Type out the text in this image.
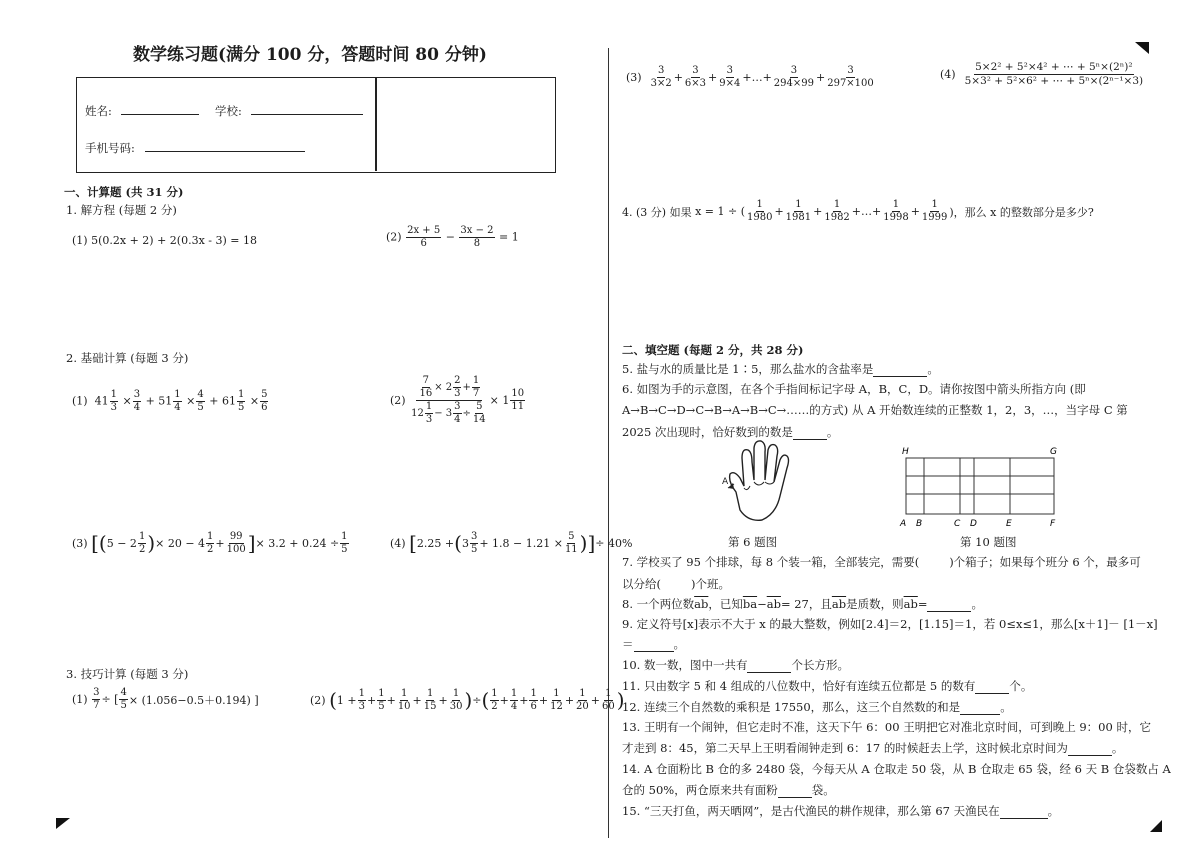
数学练习题(满分 100 分，答题时间 80 分钟)
姓名:	学校:
手机号码:
一、计算题 (共 31 分)
1. 解方程 (每题 2 分)
(1) 5(0.2x + 2) + 2(0.3x - 3) = 18	$(2) \frac{2x + 5}{6} - \frac{3x - 2}{8} = 1$
2. 基础计算 (每题 3 分)
(1) $41 \frac{1}{3} \times \frac{3}{4} + 51 \frac{1}{4} \times \frac{4}{5} + 61 \frac{1}{5} \times \frac{5}{6}$	(2)
$\frac{\frac{7}{16} \times 2 \frac{2}{3} + \frac{1}{7}}{12 \frac{1}{3} - 3 \frac{3}{4} \div \frac{5}{14}} \times 1 \frac{10}{11}$
(3)
[ ( $5 - 2 \frac{1}{2}$ ) × $20 - 4 \frac{1}{2} + \frac{99}{100}$ ] × $3.2 + 0.24 \div \frac{1}{5}$	(4)
[ 2.25 + ( $3 \frac{3}{5} + 1.8 - 1.21 \times \frac{5}{11}$ ) ] ÷ 40%
3. 技巧计算 (每题 3 分)
(1)
$\frac{3}{7}$ ÷ [ $\frac{4}{5} \times (1.056-0.5+0.194)$ ]	(2)
( $1 + \frac{1}{3} + \frac{1}{5} + \frac{1}{10} + \frac{1}{15} + \frac{1}{30}$ ) ÷ ( $\frac{1}{2} + \frac{1}{4} + \frac{1}{6} + \frac{1}{12} + \frac{1}{20} + \frac{1}{60}$ )
(3)
$\frac{3}{3\times 2} + \frac{3}{6\times 3} + \frac{3}{9\times 4}$ +…+ $\frac{3}{294\times 99} + \frac{3}{297\times 100}$	(4)
$\frac{\text{5×2² + 5²×4² + ⋯ + 5ⁿ×(2ⁿ)²}}{\text{5×3² + 5²×6² + ⋯ + 5ⁿ×(2ⁿ⁻¹×3)}}$
4. (3 分) 如果
x = 1 ÷ ( $\frac{1}{1980} + \frac{1}{1981} + \frac{1}{1982}$ +…+ $\frac{1}{1998} + \frac{1}{1999}$ )，那么 x 的整数部分是多少?
二、填空题 (每题 2 分，共 28 分)
5. 盐与水的质量比是 1∶5，那么盐水的含盐率是	。
6. 如图为手的示意图，在各个手指间标记字母 A，B，C，D。请你按图中箭头所指方向 (即
A→B→C→D→C→B→A→B→C→……的方式) 从 A 开始数连续的正整数 1，2，3，…，当字母 C 第
2025 次出现时，恰好数到的数是	。
A
第 6 题图
H	G
A B	C D	E	F
第 10 题图
7. 学校买了 95 个排球，每 8 个装一箱，全部装完，需要(	)个箱子；如果每个班分 6 个，最多可
以分给(	)个班。
8. 一个两位数$\overline{ab}$，已知$\overline{ba}-\overline{ab}= 27$，且$\overline{ab}$是质数，则$\overline{ab}=$	。
9. 定义符号[x]表示不大于 x 的最大整数，例如[2.4]＝2，[1.15]＝1，若 0≤x≤1，那么[x＋1]－ [1－x]
＝	。
10. 数一数，图中一共有	个长方形。
11. 只由数字 5 和 4 组成的八位数中，恰好有连续五位都是 5 的数有	个。
12. 连续三个自然数的乘积是 17550，那么，这三个自然数的和是	。
13. 王明有一个闹钟，但它走时不准，这天下午 6：00 王明把它对准北京时间，可到晚上 9：00 时，它
才走到 8：45，第二天早上王明看闹钟走到 6：17 的时候赶去上学，这时候北京时间为	。
14. A 仓面粉比 B 仓的多 2480 袋，今每天从 A 仓取走 50 袋，从 B 仓取走 65 袋，经 6 天 B 仓袋数占 A
仓的 50%，两仓原来共有面粉	袋。
15. “三天打鱼，两天晒网”，是古代渔民的耕作规律，那么第 67 天渔民在	。
